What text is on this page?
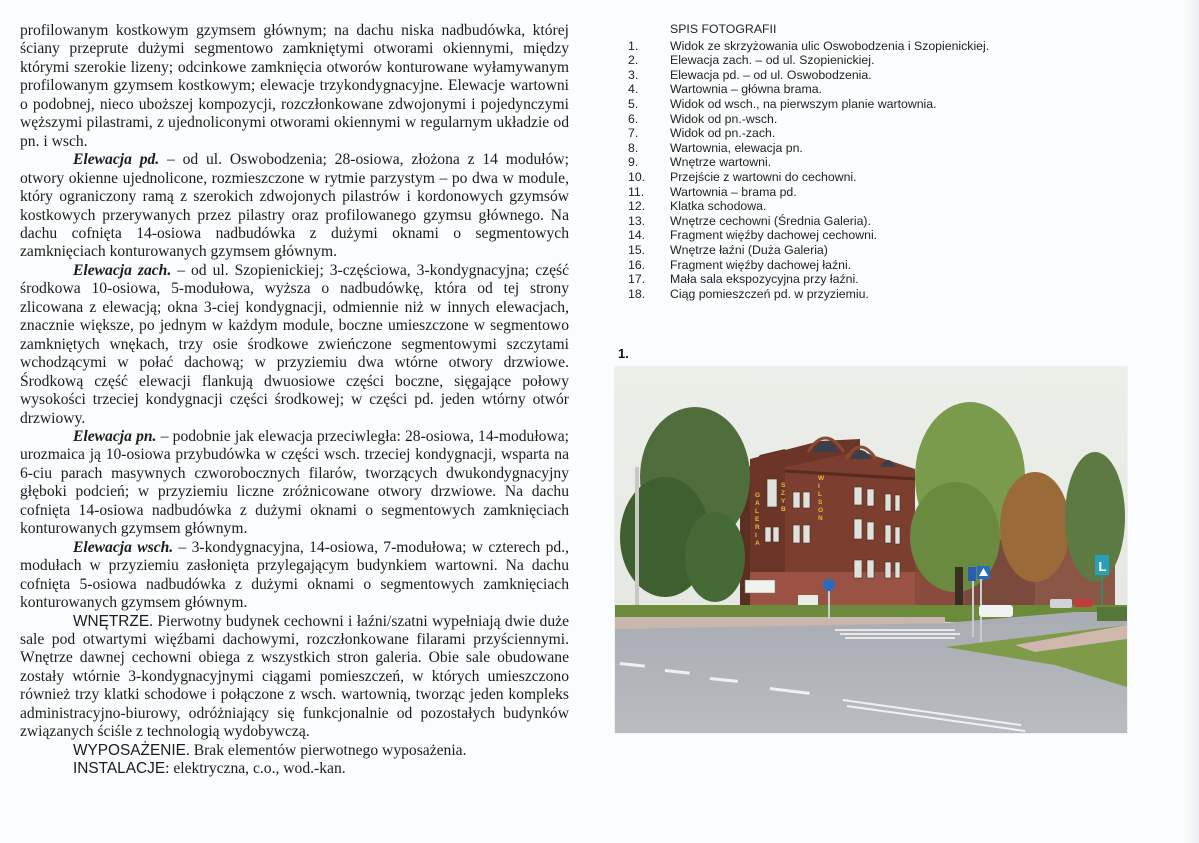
profilowanym kostkowym gzymsem głównym; na dachu niska nadbudówka, której ściany przeprute dużymi segmentowo zamkniętymi otworami okiennymi, między którymi szerokie lizeny; odcinkowe zamknięcia otworów konturowane wyłamywanym profilowanym gzymsem kostkowym; elewacje trzykondygnacyjne. Elewacje wartowni o podobnej, nieco uboższej kompozycji, rozczłonkowane zdwojonymi i pojedynczymi węższymi pilastrami, z ujednoliconymi otworami okiennymi w regularnym układzie od pn. i wsch.

Elewacja pd. – od ul. Oswobodzenia; 28-osiowa, złożona z 14 modułów; otwory okienne ujednolicone, rozmieszczone w rytmie parzystym – po dwa w module, który ograniczony ramą z szerokich zdwojonych pilastrów i kordonowych gzymsów kostkowych przerywanych przez pilastry oraz profilowanego gzymsu głównego. Na dachu cofnięta 14-osiowa nadbudówka z dużymi oknami o segmentowych zamknięciach konturowanych gzymsem głównym.

Elewacja zach. – od ul. Szopienickiej; 3-częściowa, 3-kondygnacyjna; część środkowa 10-osiowa, 5-modułowa, wyższa o nadbudówkę, która od tej strony zlicowana z elewacją; okna 3-ciej kondygnacji, odmiennie niż w innych elewacjach, znacznie większe, po jednym w każdym module, boczne umieszczone w segmentowo zamkniętych wnękach, trzy osie środkowe zwieńczone segmentowymi szczytami wchodzącymi w połać dachową; w przyziemiu dwa wtórne otwory drzwiowe. Środkową część elewacji flankują dwuosiowe części boczne, sięgające połowy wysokości trzeciej kondygnacji części środkowej; w części pd. jeden wtórny otwór drzwiowy.

Elewacja pn. – podobnie jak elewacja przeciwległa: 28-osiowa, 14-modułowa; urozmaica ją 10-osiowa przybudówka w części wsch. trzeciej kondygnacji, wsparta na 6-ciu parach masywnych czworobocznych filarów, tworzących dwukondygnacyjny głęboki podcień; w przyziemiu liczne zróżnicowane otwory drzwiowe. Na dachu cofnięta 14-osiowa nadbudówka z dużymi oknami o segmentowych zamknięciach konturowanych gzymsem głównym.

Elewacja wsch. – 3-kondygnacyjna, 14-osiowa, 7-modułowa; w czterech pd., modułach w przyziemiu zasłonięta przylegającym budynkiem wartowni. Na dachu cofnięta 5-osiowa nadbudówka z dużymi oknami o segmentowych zamknięciach konturowanych gzymsem głównym.

WNĘTRZE. Pierwotny budynek cechowni i łaźni/szatni wypełniają dwie duże sale pod otwartymi więźbami dachowymi, rozczłonkowane filarami przyściennymi. Wnętrze dawnej cechowni obiega z wszystkich stron galeria. Obie sale obudowane zostały wtórnie 3-kondygnacyjnymi ciągami pomieszczeń, w których umieszczono również trzy klatki schodowe i połączone z wsch. wartownią, tworząc jeden kompleks administracyjno-biurowy, odróżniający się funkcjonalnie od pozostałych budynków związanych ściśle z technologią wydobywczą.

WYPOSAŻENIE. Brak elementów pierwotnego wyposażenia.

INSTALACJE: elektryczna, c.o., wod.-kan.

SPIS FOTOGRAFII
1.	Widok ze skrzyżowania ulic Oswobodzenia i Szopienickiej.
2.	Elewacja zach. – od ul. Szopienickiej.
3.	Elewacja pd. – od ul. Oswobodzenia.
4.	Wartownia – główna brama.
5.	Widok od wsch., na pierwszym planie wartownia.
6.	Widok od pn.-wsch.
7.	Widok od pn.-zach.
8.	Wartownia, elewacja pn.
9.	Wnętrze wartowni.
10.	Przejście z wartowni do cechowni.
11.	Wartownia – brama pd.
12.	Klatka schodowa.
13.	Wnętrze cechowni (Średnia Galeria).
14.	Fragment więźby dachowej cechowni.
15.	Wnętrze łaźni (Duża Galeria)
16.	Fragment więźby dachowej łaźni.
17.	Mała sala ekspozycyjna przy łaźni.
18.	Ciąg pomieszczeń pd. w przyziemiu.
1.
G A L E R I A
S Z Y B
W I L S O N
L
